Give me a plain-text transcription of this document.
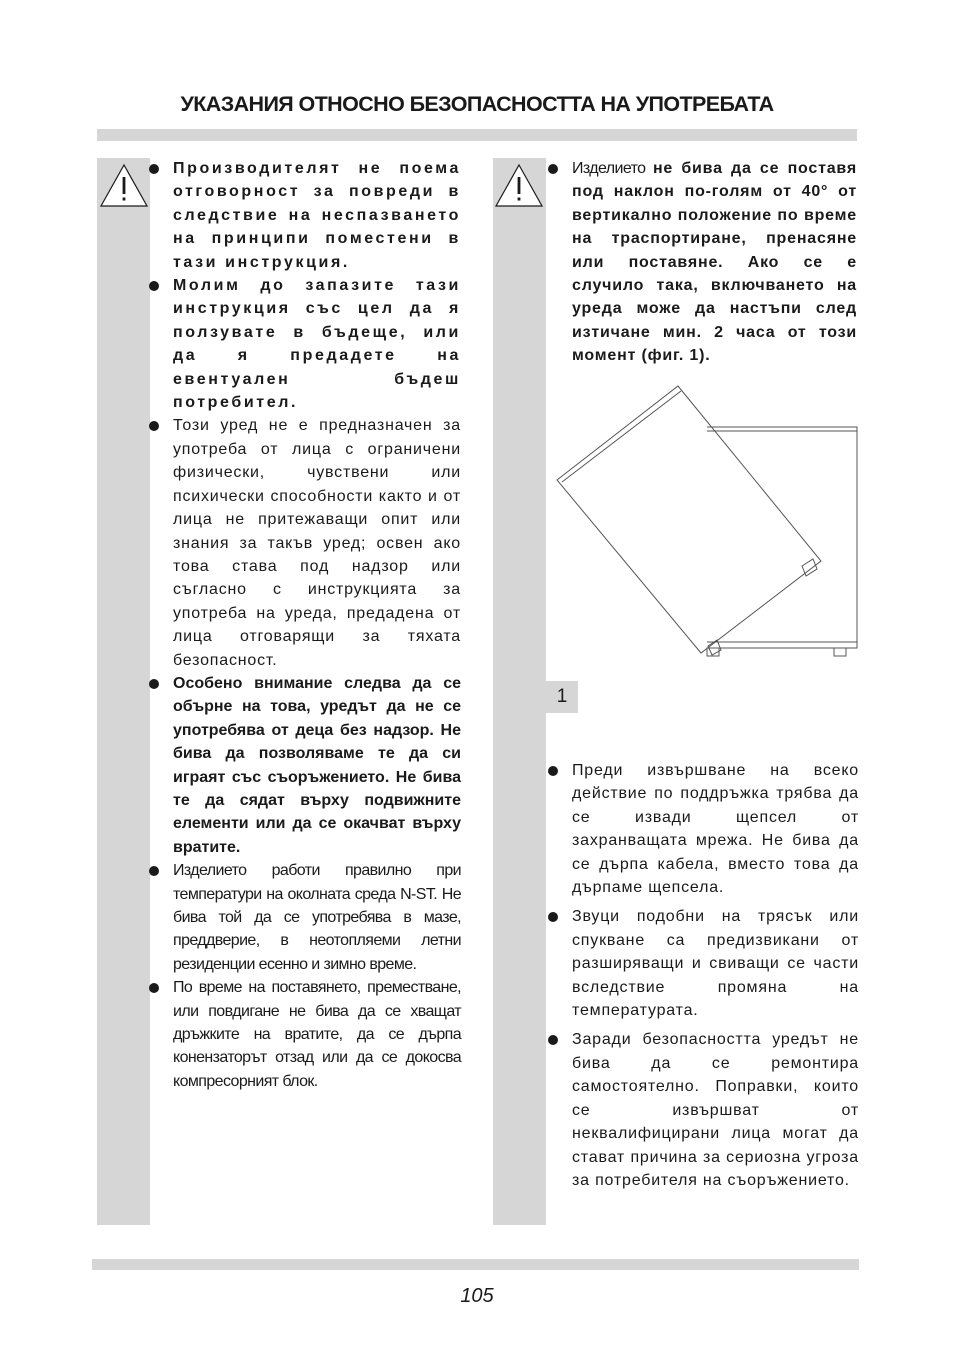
УКАЗАНИЯ ОТНОСНО БЕЗОПАСНОСТТА НА УПОТРЕБАТА
Производителят не поема отговорност за повреди в следствие на неспазването на принципи поместени в тази инструкция.
Молим до запазите тази инструкция със цел да я ползувате в бъдеще, или да я предадете на евентуален бъдеш потребител.
Този уред не е предназначен за употреба от лица с ограничени физически, чувствени или психически способности както и от лица не притежаващи опит или знания за такъв уред; освен ако това става под надзор или съгласно с инструкцията за употреба на уреда, предадена от лица отговарящи за тяхата безопасност.
Особено внимание следва да се обърне на това, уредът да не се употребява от деца без надзор. Не бива да позволяваме те да си играят със съоръжението. Не бива те да сядат върху подвижните елементи или да се окачват върху вратите.
Изделието работи правилно при температури на околната среда N-ST. Не бива той да се употребява в мазе, преддверие, в неотопляеми летни резиденции есенно и зимно време.
По време на поставянето, преместване, или повдигане не бива да се хващат дръжките на вратите, да се дърпа конензаторът отзад или да се докосва компресорният блок.
Изделието не бива да се поставя под наклон по-голям от 40° от вертикално положение по време на траспортиране, пренасяне или поставяне. Ако се е случило така, включването на уреда може да настъпи след изтичане мин. 2 часа от този момент (фиг. 1).
1
Преди извършване на всеко действие по поддръжка трябва да се извади щепсел от захранващата мрежа. Не бива да се дърпа кабела, вместо това да дърпаме щепсела.
Звуци подобни на трясък или спукване са предизвикани от разширяващи и свиващи се части вследствие промяна на температурата.
Заради безопасността уредът не бива да се ремонтира самостоятелно. Поправки, които се извършват от неквалифицирани лица могат да стават причина за сериозна угроза за потребителя на съоръжението.
105
